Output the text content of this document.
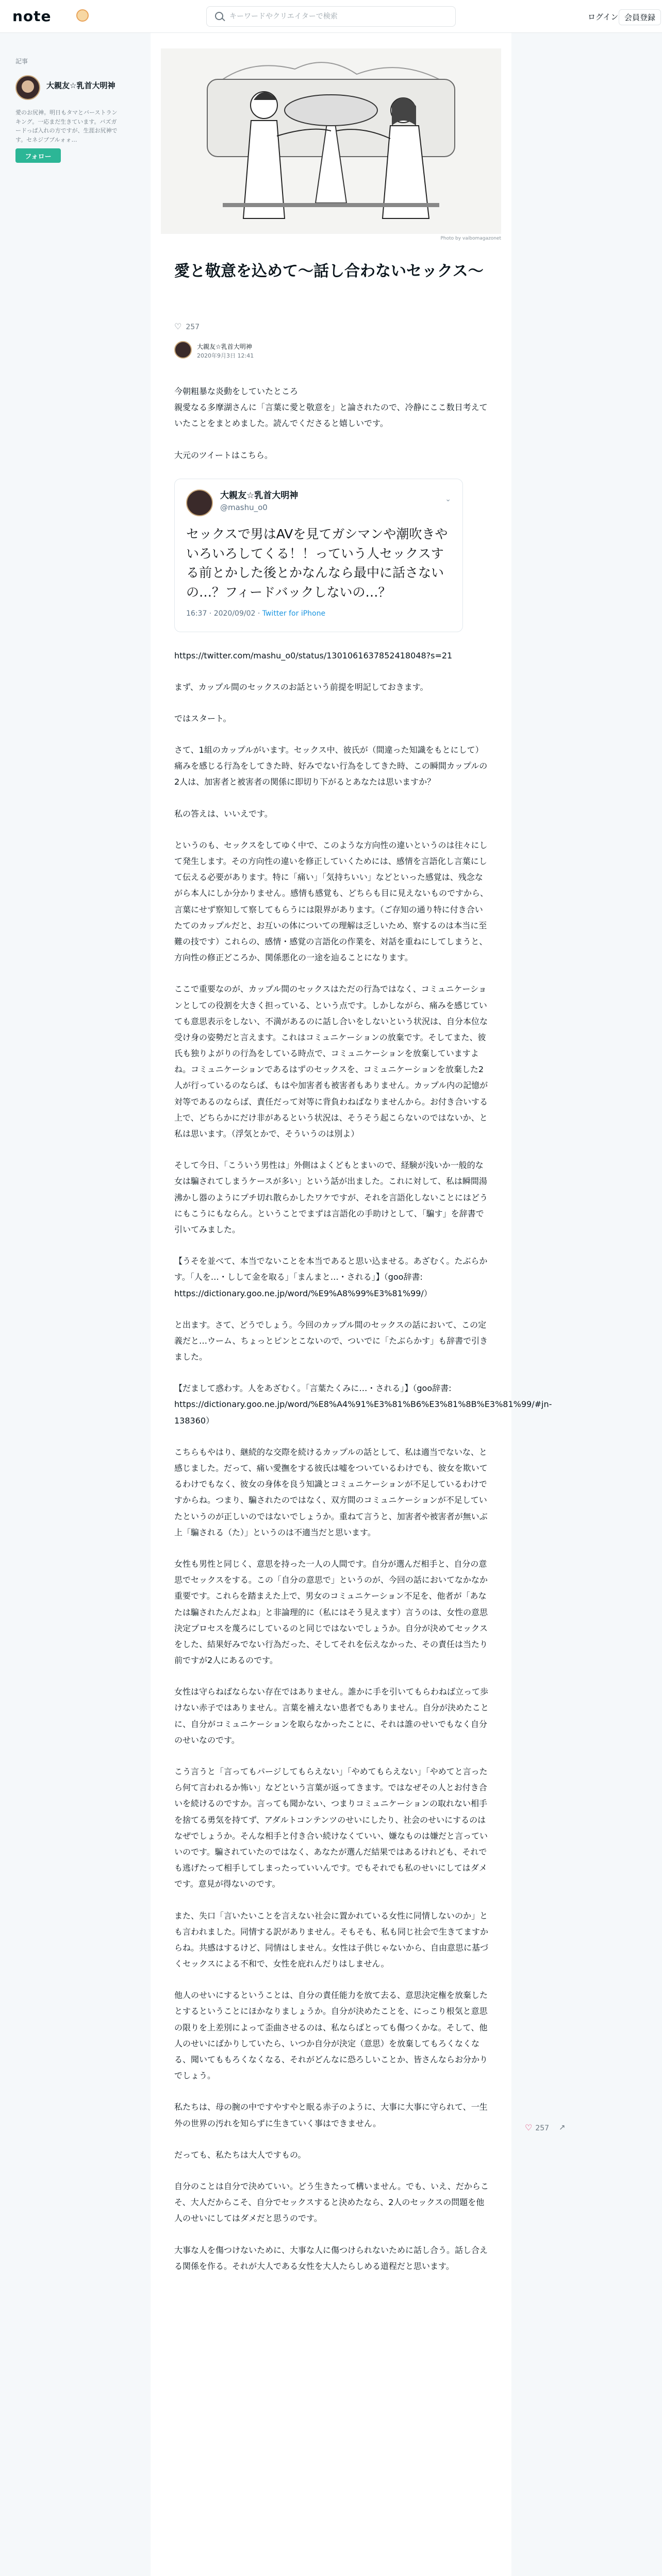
note
キーワードやクリエイターで検索	ログイン 会員登録
記事
大親友☆乳首大明神
愛のお尻神。明日もタマとバーストランキング。一応まだ生きています。バズガードっぱ入れの方ですが、生涯お尻神です。セネジブブルォォ…
フォロー
Photo by vaibomagazonet
愛と敬意を込めて〜話し合わないセックス〜
♡ 257
大親友☆乳首大明神
2020年9月3日 12:41

今朝粗暴な炎動をしていたところ
親愛なる多摩湖さんに「言葉に愛と敬意を」と論されたので、冷静にここ数日考えていたことをまとめました。読んでくださると嬉しいです。

大元のツイートはこちら。

⌄
大親友☆乳首大明神
@mashu_o0
セックスで男はAVを見てガシマンや潮吹きやいろいろしてくる！！っていう人セックスする前とかした後とかなんなら最中に話さないの…？フィードバックしないの…？
16:37 · 2020/09/02 · Twitter for iPhone

https://twitter.com/mashu_o0/status/1301061637852418048?s=21

まず、カップル間のセックスのお話という前提を明記しておきます。

ではスタート。

さて、1組のカップルがいます。セックス中、彼氏が（間違った知識をもとにして）痛みを感じる行為をしてきた時、好みでない行為をしてきた時、この瞬間カップルの2人は、加害者と被害者の関係に即切り下がるとあなたは思いますか？

私の答えは、いいえです。

というのも、セックスをしてゆく中で、このような方向性の違いというのは往々にして発生します。その方向性の違いを修正していくためには、感情を言語化し言葉にして伝える必要があります。特に「痛い」「気持ちいい」などといった感覚は、残念ながら本人にしか分かりません。感情も感覚も、どちらも目に見えないものですから、言葉にせず察知して察してもらうには限界があります。（ご存知の通り特に付き合いたてのカップルだと、お互いの体についての理解は乏しいため、察するのは本当に至難の技です）これらの、感情・感覚の言語化の作業を、対話を重ねにしてしまうと、方向性の修正どころか、関係悪化の一途を辿ることになります。

ここで重要なのが、カップル間のセックスはただの行為ではなく、コミュニケーションとしての役割を大きく担っている、という点です。しかしながら、痛みを感じていても意思表示をしない、不満があるのに話し合いをしないという状況は、自分本位な受け身の姿勢だと言えます。これはコミュニケーションの放棄です。そしてまた、彼氏も独りよがりの行為をしている時点で、コミュニケーションを放棄していますよね。コミュニケーションであるはずのセックスを、コミュニケーションを放棄した2人が行っているのならば、もはや加害者も被害者もありません。カップル内の記憶が対等であるのならば、責任だって対等に背負わねばなりませんから。お付き合いする上で、どちらかにだけ非があるという状況は、そうそう起こらないのではないか、と私は思います。（浮気とかで、そういうのは別よ）

そして今日、「こういう男性は」外側はよくどもとまいので、経験が浅いか一般的な女は騙されてしまうケースが多い」という話が出ました。これに対して、私は瞬間湯沸かし器のようにプチ切れ散らかしたワケですが、それを言語化しないことにはどうにもこうにもならん。ということでまずは言語化の手助けとして、「騙す」を辞書で引いてみました。

【うそを並べて、本当でないことを本当であると思い込ませる。あざむく。たぶらかす。「人を…・しして金を取る」「まんまと…・される」】（goo辞書: https://dictionary.goo.ne.jp/word/%E9%A8%99%E3%81%99/）

と出ます。さて、どうでしょう。今回のカップル間のセックスの話において、この定義だと…ウーム、ちょっとピンとこないので、ついでに「たぶらかす」も辞書で引きました。

【だまして惑わす。人をあざむく。「言葉たくみに…・される」】（goo辞書: https://dictionary.goo.ne.jp/word/%E8%A4%91%E3%81%B6%E3%81%8B%E3%81%99/#jn-138360）

こちらもやはり、継続的な交際を続けるカップルの話として、私は適当でないな、と感じました。だって、痛い愛撫をする彼氏は嘘をついているわけでも、彼女を欺いてるわけでもなく、彼女の身体を良う知識とコミュニケーションが不足しているわけですからね。つまり、騙されたのではなく、双方間のコミュニケーションが不足していたというのが正しいのではないでしょうか。重ねて言うと、加害者や被害者が無いぶ上「騙される（た）」というのは不適当だと思います。

女性も男性と同じく、意思を持った一人の人間です。自分が選んだ相手と、自分の意思でセックスをする。この「自分の意思で」というのが、今回の話においてなかなか重要です。これらを踏まえた上で、男女のコミュニケーション不足を、他者が「あなたは騙されたんだよね」と非論理的に（私にはそう見えます）言うのは、女性の意思決定プロセスを蔑ろにしているのと同じではないでしょうか。自分が決めてセックスをした、結果好みでない行為だった、そしてそれを伝えなかった、その責任は当たり前ですが2人にあるのです。

女性は守らねばならない存在ではありません。誰かに手を引いてもらわねば立って歩けない赤子ではありません。言葉を補えない患者でもありません。自分が決めたことに、自分がコミュニケーションを取らなかったことに、それは誰のせいでもなく自分のせいなのです。

こう言うと「言ってもパージしてもらえない」「やめてもらえない」「やめてと言ったら何て言われるか怖い」などという言葉が返ってきます。ではなぜその人とお付き合いを続けるのですか。言っても聞かない、つまりコミュニケーションの取れない相手を捨てる勇気を持てず、アダルトコンテンツのせいにしたり、社会のせいにするのはなぜでしょうか。そんな相手と付き合い続けなくていい、嫌なものは嫌だと言っていいのです。騙されていたのではなく、あなたが選んだ結果ではあるけれども、それでも逃げたって相手してしまったっていいんです。でもそれでも私のせいにしてはダメです。意見が得ないのです。

また、失口「言いたいことを言えない社会に置かれている女性に同情しないのか」とも言われました。同情する訳がありません。そもそも、私も同じ社会で生きてますからね。共感はするけど、同情はしません。女性は子供じゃないから、自由意思に基づくセックスによる不和で、女性を庇れんだりはしません。

他人のせいにするということは、自分の責任能力を放て去る、意思決定権を放棄したとするということにほかなりましょうか。自分が決めたことを、にっこり根気と意思の限りを上差別によって歪曲させるのは、私ならばとっても傷つくかな。そして、他人のせいにばかりしていたら、いつか自分が決定（意思）を放棄してもろくなくなる、聞いてももろくなくなる、それがどんなに恐ろしいことか、皆さんならお分かりでしょう。

私たちは、母の腕の中ですやすやと眠る赤子のように、大事に大事に守られて、一生外の世界の汚れを知らずに生きていく事はできません。

だっても、私たちは大人ですもの。

自分のことは自分で決めていい。どう生きたって構いません。でも、いえ、だからこそ、大人だからこそ、自分でセックスすると決めたなら、2人のセックスの問題を他人のせいにしてはダメだと思うのです。

大事な人を傷つけないために、大事な人に傷つけられないために話し合う。話し合える関係を作る。それが大人である女性を大人たらしめる道程だと思います。

♡ 257 ↗
